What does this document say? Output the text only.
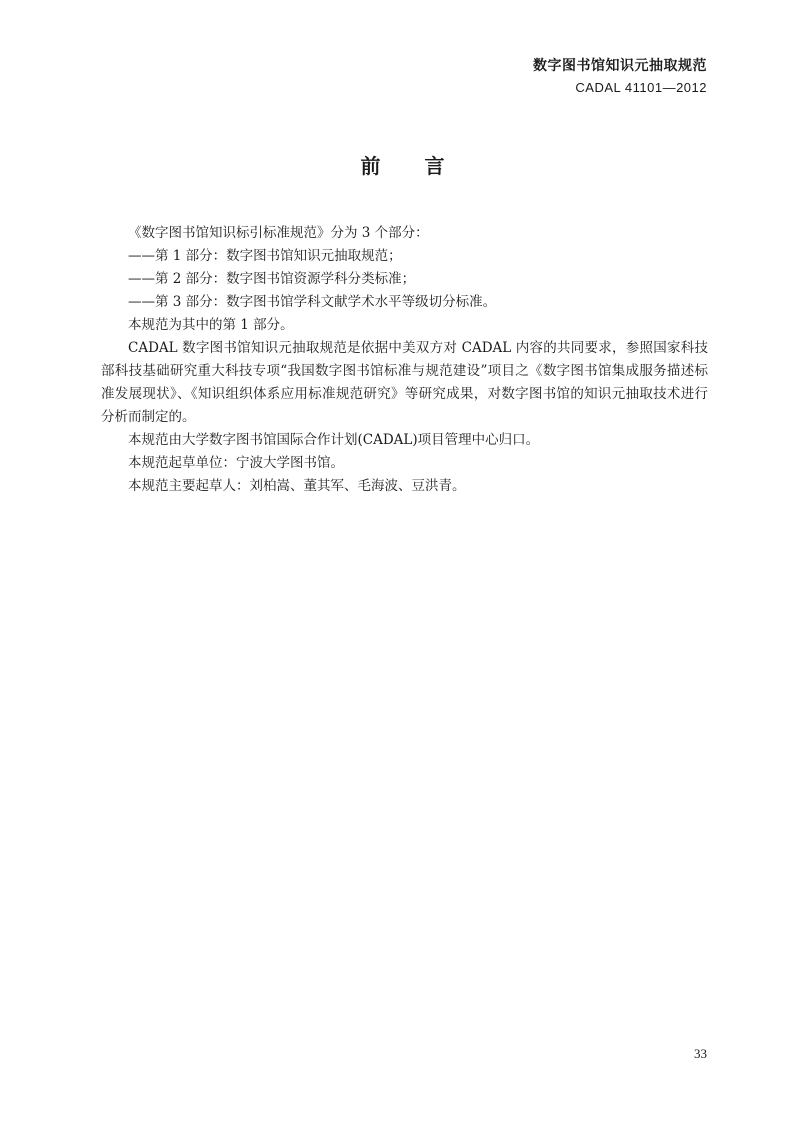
数字图书馆知识元抽取规范
CADAL 41101—2012
前 言

《数字图书馆知识标引标准规范》分为 3 个部分：

——第 1 部分：数字图书馆知识元抽取规范；

——第 2 部分：数字图书馆资源学科分类标准；

——第 3 部分：数字图书馆学科文献学术水平等级切分标准。

本规范为其中的第 1 部分。

CADAL 数字图书馆知识元抽取规范是依据中美双方对 CADAL 内容的共同要求，参照国家科技部科技基础研究重大科技专项“我国数字图书馆标准与规范建设”项目之《数字图书馆集成服务描述标准发展现状》、《知识组织体系应用标准规范研究》等研究成果，对数字图书馆的知识元抽取技术进行分析而制定的。

本规范由大学数字图书馆国际合作计划(CADAL)项目管理中心归口。

本规范起草单位：宁波大学图书馆。

本规范主要起草人：刘柏嵩、董其军、毛海波、豆洪青。

33
